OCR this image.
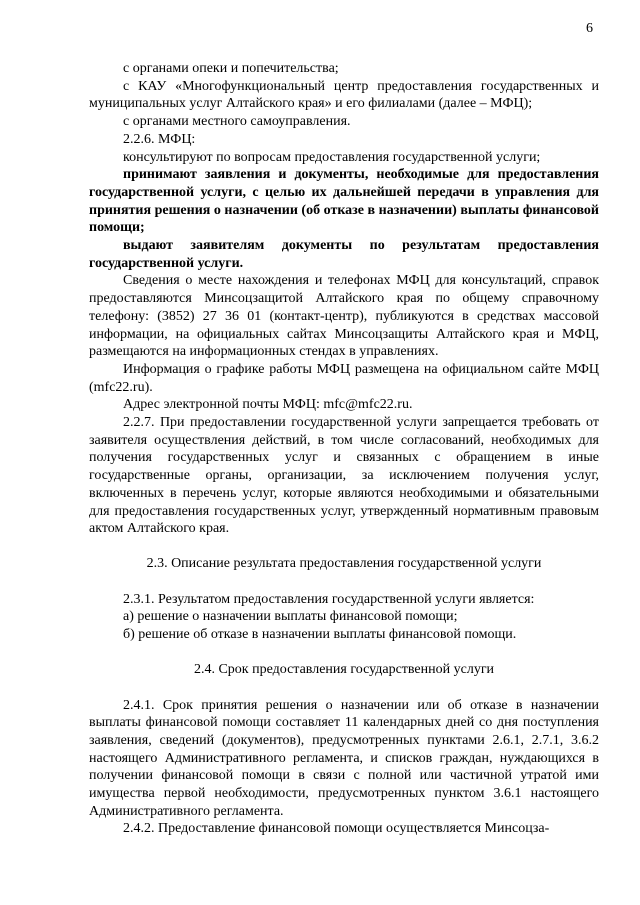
6

с органами опеки и попечительства;

с КАУ «Многофункциональный центр предоставления государственных и муниципальных услуг Алтайского края» и его филиалами (далее – МФЦ);

с органами местного самоуправления.

2.2.6. МФЦ:

консультируют по вопросам предоставления государственной услуги;

принимают заявления и документы, необходимые для предоставления государственной услуги, с целью их дальнейшей передачи в управления для принятия решения о назначении (об отказе в назначении) выплаты финансовой помощи;

выдают заявителям документы по результатам предоставления государственной услуги.

Сведения о месте нахождения и телефонах МФЦ для консультаций, справок предоставляются Минсоцзащитой Алтайского края по общему справочному телефону: (3852) 27 36 01 (контакт-центр), публикуются в средствах массовой информации, на официальных сайтах Минсоцзащиты Алтайского края и МФЦ, размещаются на информационных стендах в управлениях.

Информация о графике работы МФЦ размещена на официальном сайте МФЦ (mfc22.ru).

Адрес электронной почты МФЦ: mfc@mfc22.ru.

2.2.7. При предоставлении государственной услуги запрещается требовать от заявителя осуществления действий, в том числе согласований, необходимых для получения государственных услуг и связанных с обращением в иные государственные органы, организации, за исключением получения услуг, включенных в перечень услуг, которые являются необходимыми и обязательными для предоставления государственных услуг, утвержденный нормативным правовым актом Алтайского края.

2.3. Описание результата предоставления государственной услуги

2.3.1. Результатом предоставления государственной услуги является:

а) решение о назначении выплаты финансовой помощи;

б) решение об отказе в назначении выплаты финансовой помощи.

2.4. Срок предоставления государственной услуги

2.4.1. Срок принятия решения о назначении или об отказе в назначении выплаты финансовой помощи составляет 11 календарных дней со дня поступления заявления, сведений (документов), предусмотренных пунктами 2.6.1, 2.7.1, 3.6.2 настоящего Административного регламента, и списков граждан, нуждающихся в получении финансовой помощи в связи с полной или частичной утратой ими имущества первой необходимости, предусмотренных пунктом 3.6.1 настоящего Административного регламента.

2.4.2. Предоставление финансовой помощи осуществляется Минсоцза-
